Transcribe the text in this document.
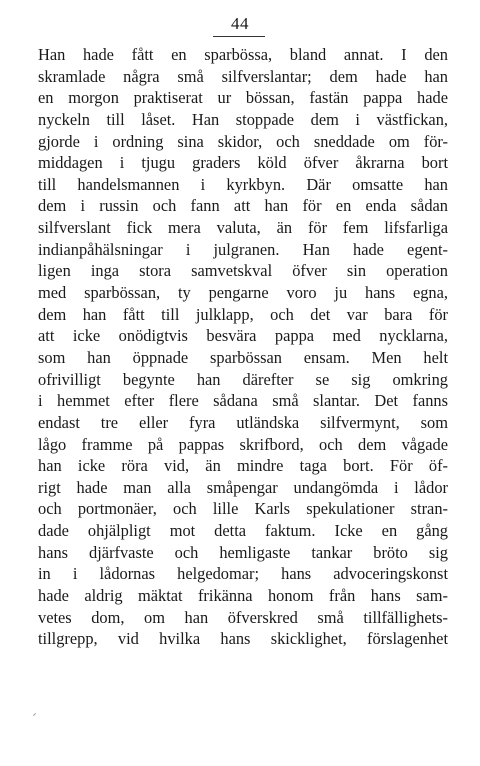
44
Han hade fått en sparbössa, bland annat. I den
skramlade några små silfverslantar; dem hade han
en morgon praktiserat ur bössan, fastän pappa hade
nyckeln till låset. Han stoppade dem i västfickan,
gjorde i ordning sina skidor, och sneddade om för-
middagen i tjugu graders köld öfver åkrarna bort
till handelsmannen i kyrkbyn. Där omsatte han
dem i russin och fann att han för en enda sådan
silfverslant fick mera valuta, än för fem lifsfarliga
indianpåhälsningar i julgranen. Han hade egent-
ligen inga stora samvetskval öfver sin operation
med sparbössan, ty pengarne voro ju hans egna,
dem han fått till julklapp, och det var bara för
att icke onödigtvis besvära pappa med nycklarna,
som han öppnade sparbössan ensam. Men helt
ofrivilligt begynte han därefter se sig omkring
i hemmet efter flere sådana små slantar. Det fanns
endast tre eller fyra utländska silfvermynt, som
lågo framme på pappas skrifbord, och dem vågade
han icke röra vid, än mindre taga bort. För öf-
rigt hade man alla småpengar undangömda i lådor
och portmonäer, och lille Karls spekulationer stran-
dade ohjälpligt mot detta faktum. Icke en gång
hans djärfvaste och hemligaste tankar bröto sig
in i lådornas helgedomar; hans advoceringskonst
hade aldrig mäktat frikänna honom från hans sam-
vetes dom, om han öfverskred små tillfällighets-
tillgrepp, vid hvilka hans skicklighet, förslagenhet
